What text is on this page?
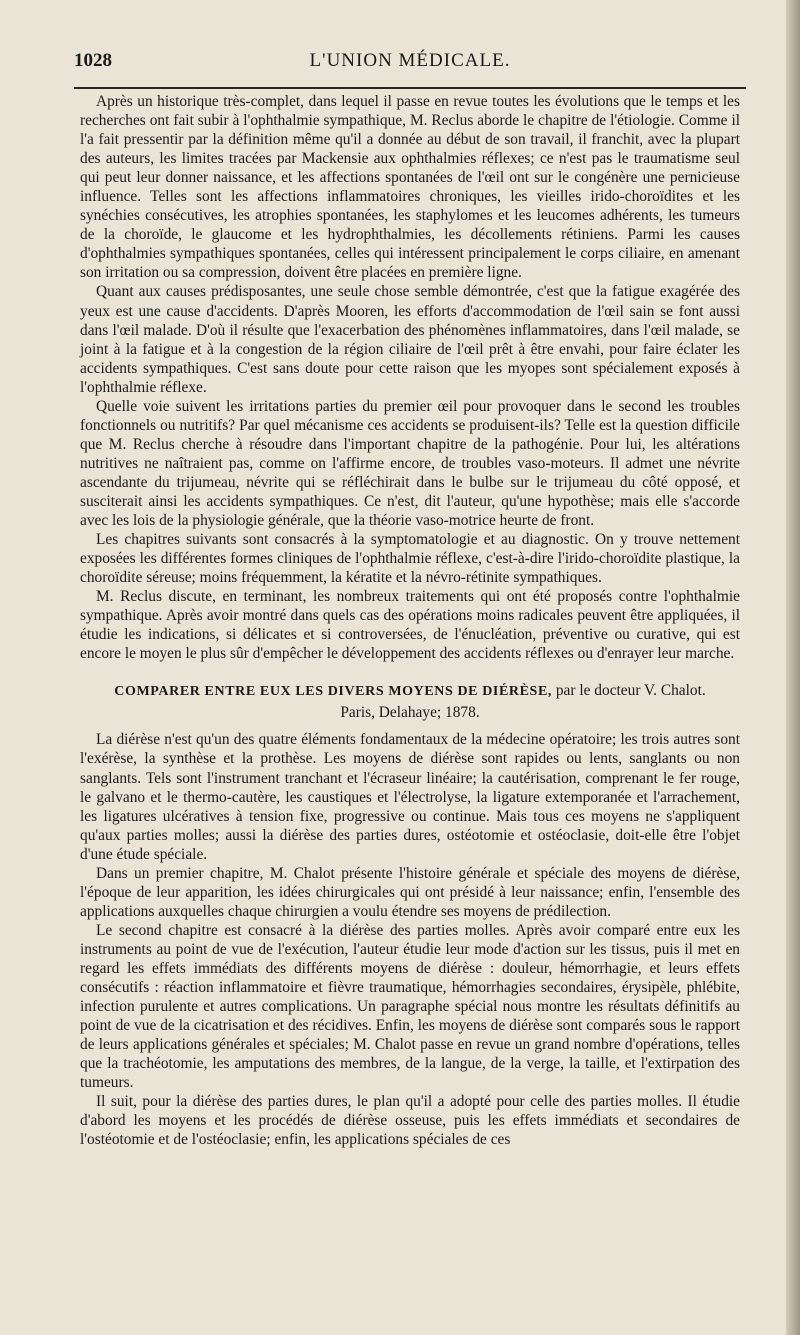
1028	L'UNION MÉDICALE.

Après un historique très-complet, dans lequel il passe en revue toutes les évolutions que le temps et les recherches ont fait subir à l'ophthalmie sympathique, M. Reclus aborde le chapitre de l'étiologie. Comme il l'a fait pressentir par la définition même qu'il a donnée au début de son travail, il franchit, avec la plupart des auteurs, les limites tracées par Mackensie aux ophthalmies réflexes; ce n'est pas le traumatisme seul qui peut leur donner naissance, et les affections spontanées de l'œil ont sur le congénère une pernicieuse influence. Telles sont les affections inflammatoires chroniques, les vieilles irido-choroïdites et les synéchies consécutives, les atrophies spontanées, les staphylomes et les leucomes adhérents, les tumeurs de la choroïde, le glaucome et les hydrophthalmies, les décollements rétiniens. Parmi les causes d'ophthalmies sympathiques spontanées, celles qui intéressent principalement le corps ciliaire, en amenant son irritation ou sa compression, doivent être placées en première ligne.

Quant aux causes prédisposantes, une seule chose semble démontrée, c'est que la fatigue exagérée des yeux est une cause d'accidents. D'après Mooren, les efforts d'accommodation de l'œil sain se font aussi dans l'œil malade. D'où il résulte que l'exacerbation des phénomènes inflammatoires, dans l'œil malade, se joint à la fatigue et à la congestion de la région ciliaire de l'œil prêt à être envahi, pour faire éclater les accidents sympathiques. C'est sans doute pour cette raison que les myopes sont spécialement exposés à l'ophthalmie réflexe.

Quelle voie suivent les irritations parties du premier œil pour provoquer dans le second les troubles fonctionnels ou nutritifs? Par quel mécanisme ces accidents se produisent-ils? Telle est la question difficile que M. Reclus cherche à résoudre dans l'important chapitre de la pathogénie. Pour lui, les altérations nutritives ne naîtraient pas, comme on l'affirme encore, de troubles vaso-moteurs. Il admet une névrite ascendante du trijumeau, névrite qui se réfléchirait dans le bulbe sur le trijumeau du côté opposé, et susciterait ainsi les accidents sympathiques. Ce n'est, dit l'auteur, qu'une hypothèse; mais elle s'accorde avec les lois de la physiologie générale, que la théorie vaso-motrice heurte de front.

Les chapitres suivants sont consacrés à la symptomatologie et au diagnostic. On y trouve nettement exposées les différentes formes cliniques de l'ophthalmie réflexe, c'est-à-dire l'irido-choroïdite plastique, la choroïdite séreuse; moins fréquemment, la kératite et la névro-rétinite sympathiques.

M. Reclus discute, en terminant, les nombreux traitements qui ont été proposés contre l'ophthalmie sympathique. Après avoir montré dans quels cas des opérations moins radicales peuvent être appliquées, il étudie les indications, si délicates et si controversées, de l'énucléation, préventive ou curative, qui est encore le moyen le plus sûr d'empêcher le développement des accidents réflexes ou d'enrayer leur marche.

COMPARER ENTRE EUX LES DIVERS MOYENS DE DIÉRÈSE, par le docteur V. Chalot.
Paris, Delahaye; 1878.

La diérèse n'est qu'un des quatre éléments fondamentaux de la médecine opératoire; les trois autres sont l'exérèse, la synthèse et la prothèse. Les moyens de diérèse sont rapides ou lents, sanglants ou non sanglants. Tels sont l'instrument tranchant et l'écraseur linéaire; la cautérisation, comprenant le fer rouge, le galvano et le thermo-cautère, les caustiques et l'électrolyse, la ligature extemporanée et l'arrachement, les ligatures ulcératives à tension fixe, progressive ou continue. Mais tous ces moyens ne s'appliquent qu'aux parties molles; aussi la diérèse des parties dures, ostéotomie et ostéoclasie, doit-elle être l'objet d'une étude spéciale.

Dans un premier chapitre, M. Chalot présente l'histoire générale et spéciale des moyens de diérèse, l'époque de leur apparition, les idées chirurgicales qui ont présidé à leur naissance; enfin, l'ensemble des applications auxquelles chaque chirurgien a voulu étendre ses moyens de prédilection.

Le second chapitre est consacré à la diérèse des parties molles. Après avoir comparé entre eux les instruments au point de vue de l'exécution, l'auteur étudie leur mode d'action sur les tissus, puis il met en regard les effets immédiats des différents moyens de diérèse : douleur, hémorrhagie, et leurs effets consécutifs : réaction inflammatoire et fièvre traumatique, hémorrhagies secondaires, érysipèle, phlébite, infection purulente et autres complications. Un paragraphe spécial nous montre les résultats définitifs au point de vue de la cicatrisation et des récidives. Enfin, les moyens de diérèse sont comparés sous le rapport de leurs applications générales et spéciales; M. Chalot passe en revue un grand nombre d'opérations, telles que la trachéotomie, les amputations des membres, de la langue, de la verge, la taille, et l'extirpation des tumeurs.

Il suit, pour la diérèse des parties dures, le plan qu'il a adopté pour celle des parties molles. Il étudie d'abord les moyens et les procédés de diérèse osseuse, puis les effets immédiats et secondaires de l'ostéotomie et de l'ostéoclasie; enfin, les applications spéciales de ces
